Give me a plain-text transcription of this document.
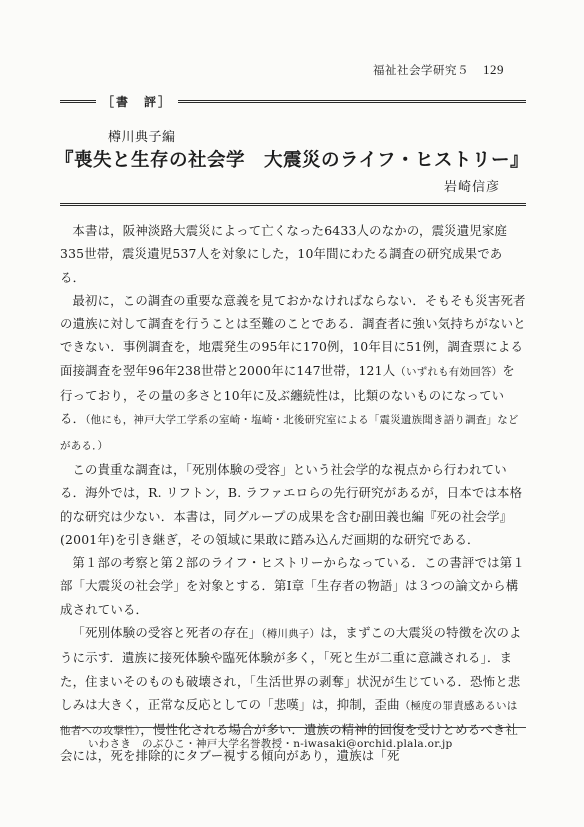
福祉社会学研究５ 129
［書　評］
樽川典子編
『喪失と生存の社会学　大震災のライフ・ヒストリー』
岩崎信彦

本書は，阪神淡路大震災によって亡くなった6433人のなかの，震災遺児家庭335世帯，震災遺児537人を対象にした，10年間にわたる調査の研究成果である．

最初に，この調査の重要な意義を見ておかなければならない．そもそも災害死者の遺族に対して調査を行うことは至難のことである．調査者に強い気持ちがないとできない．事例調査を，地震発生の95年に170例，10年目に51例，調査票による面接調査を翌年96年238世帯と2000年に147世帯，121人（いずれも有効回答）を行っており，その量の多さと10年に及ぶ纏続性は，比類のないものになっている．（他にも，神戸大学工学系の室崎・塩崎・北後研究室による「震災遺族聞き語り調査」などがある．）

この貴重な調査は，「死別体験の受容」という社会学的な視点から行われている．海外では，R. リフトン，B. ラファエロらの先行研究があるが，日本では本格的な研究は少ない．本書は，同グループの成果を含む副田義也編『死の社会学』(2001年)を引き継ぎ，その領域に果敢に踏み込んだ画期的な研究である．

第１部の考察と第２部のライフ・ヒストリーからなっている．この書評では第１部「大震災の社会学」を対象とする．第Ⅰ章「生存者の物語」は３つの論文から構成されている．

「死別体験の受容と死者の存在」（樽川典子）は，まずこの大震災の特徴を次のように示す．遺族に接死体験や臨死体験が多く，「死と生が二重に意識される」．また，住まいそのものも破壊され，「生活世界の剥奪」状況が生じている．恐怖と悲しみは大きく，正常な反応としての「悲嘆」は，抑制，歪曲（極度の罪責感あるいは他者への攻撃性），慢性化される場合が多い．遺族の精神的回復を受けとめるべき社会には，死を排除的にタブー視する傾向があり，遺族は「死

いわさき　のぶひこ・神戸大学名誉教授・n-iwasaki@orchid.plala.or.jp
